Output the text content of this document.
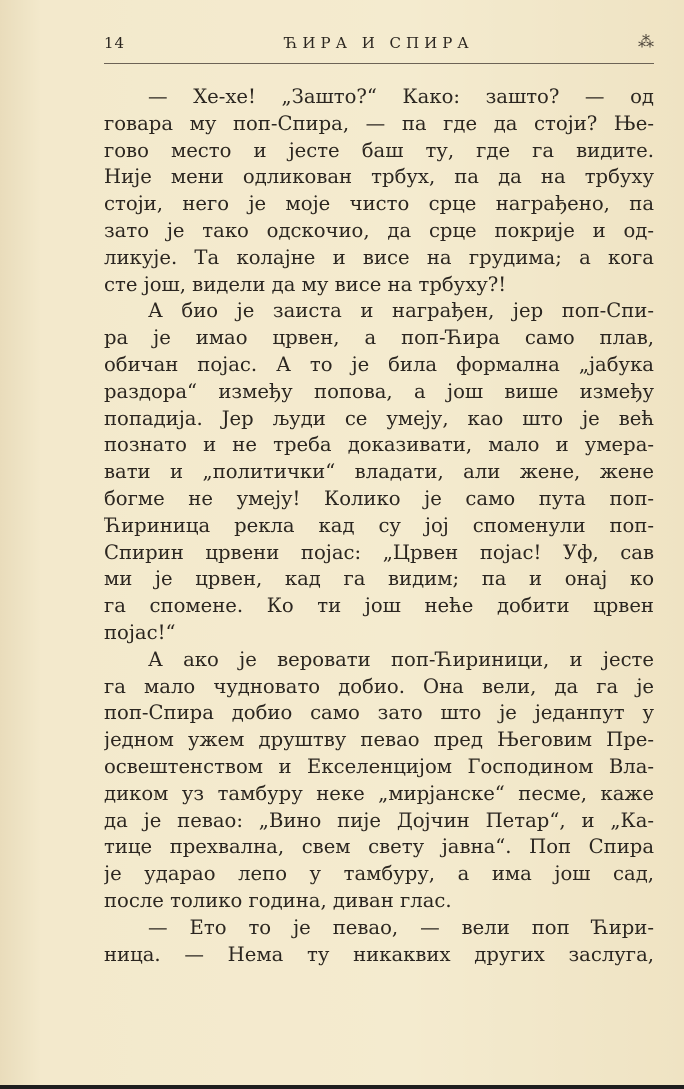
14	ЋИРА И СПИРА	⁂
— Хе-хе! „Зашто?“ Како: зашто? — од
говара му поп-Спира, — па где да стоји? Ње-
гово место и јесте баш ту, где га видите.
Није мени одликован трбух, па да на трбуху
стоји, него је моје чисто срце награђено, па
зато је тако одскочио, да срце покрије и од-
ликује. Та колајне и висе на грудима; а кога
сте још, видели да му висе на трбуху?!
А био је заиста и награђен, јер поп-Спи-
ра је имао црвен, а поп-Ћира само плав,
обичан појас. А то је била формална „јабука
раздора“ између попова, а још више између
попадија. Јер људи се умеју, као што је већ
познато и не треба доказивати, мало и умера-
вати и „политички“ владати, али жене, жене
богме не умеју! Колико је само пута поп-
Ћириница рекла кад су јој споменули поп-
Спирин црвени појас: „Црвен појас! Уф, сав
ми је црвен, кад га видим; па и онај ко
га спомене. Ко ти још неће добити црвен
појас!“
А ако је веровати поп-Ћириници, и јесте
га мало чудновато добио. Она вели, да га је
поп-Спира добио само зато што је једанпут у
једном ужем друштву певао пред Његовим Пре-
освештенством и Екселенцијом Господином Вла-
диком уз тамбуру неке „мирјанске“ песме, каже
да је певао: „Вино пије Дојчин Петар“, и „Ка-
тице прехвална, свем свету јавна“. Поп Спира
је ударао лепо у тамбуру, а има још сад,
после толико година, диван глас.
— Ето то је певао, — вели поп Ћири-
ница. — Нема ту никаквих других заслуга,
